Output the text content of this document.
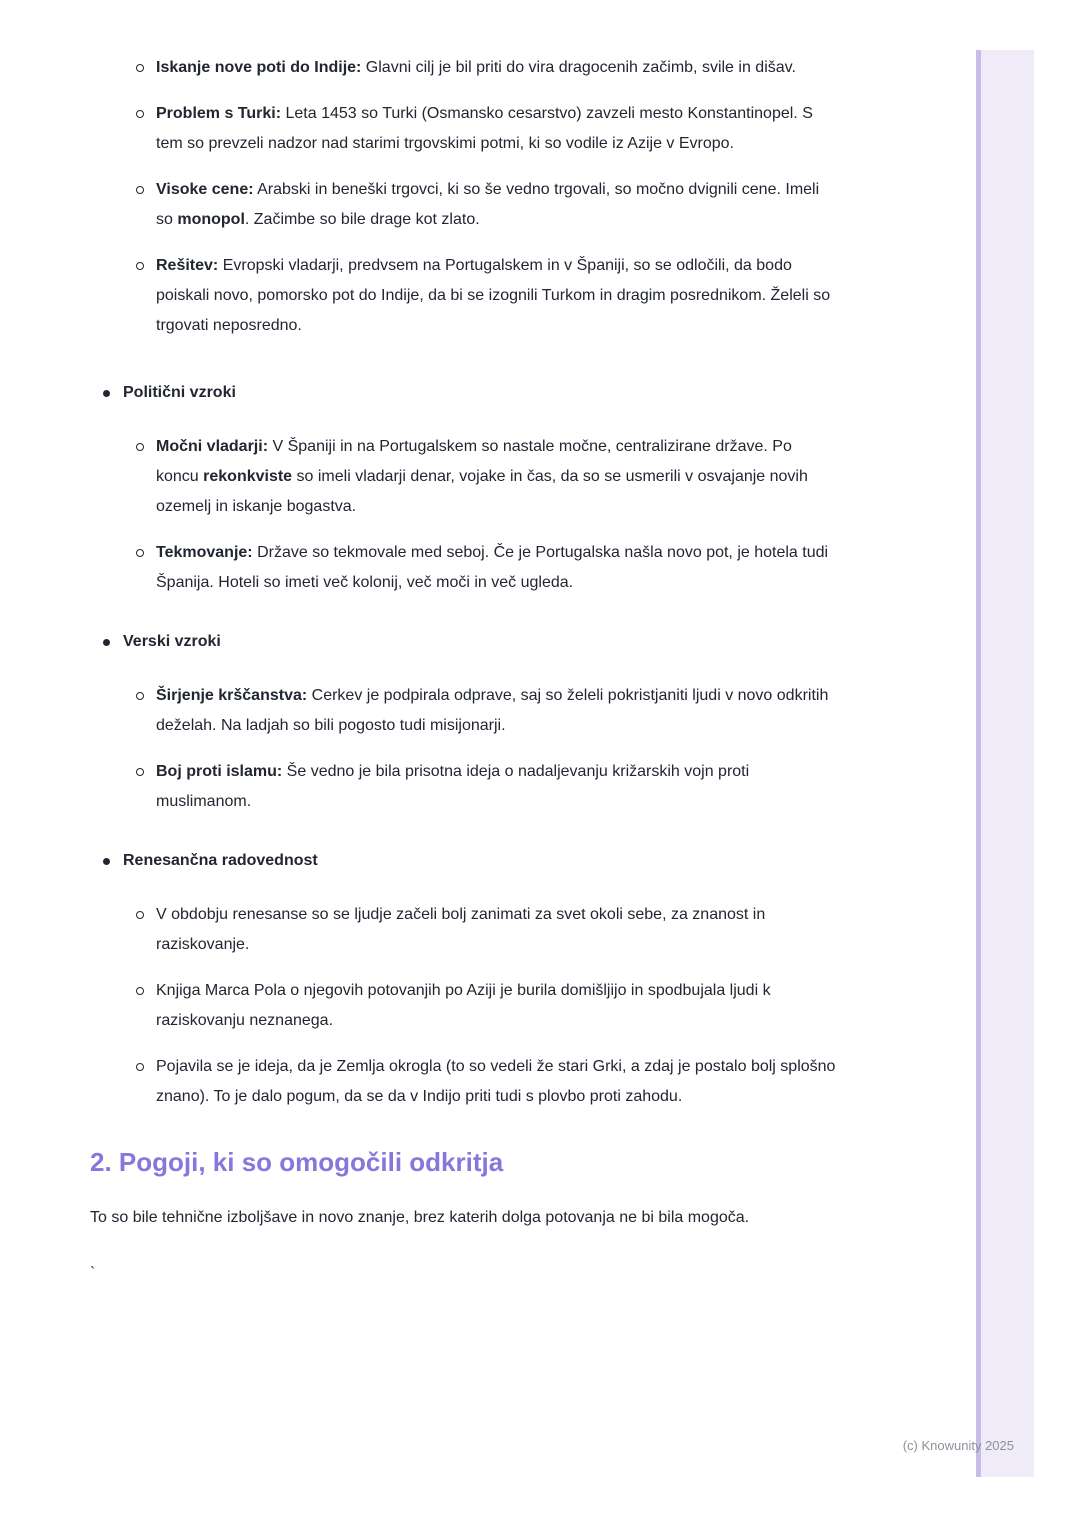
Iskanje nove poti do Indije: Glavni cilj je bil priti do vira dragocenih začimb, svile in dišav.
Problem s Turki: Leta 1453 so Turki (Osmansko cesarstvo) zavzeli mesto Konstantinopel. S tem so prevzeli nadzor nad starimi trgovskimi potmi, ki so vodile iz Azije v Evropo.
Visoke cene: Arabski in beneški trgovci, ki so še vedno trgovali, so močno dvignili cene. Imeli so monopol. Začimbe so bile drage kot zlato.
Rešitev: Evropski vladarji, predvsem na Portugalskem in v Španiji, so se odločili, da bodo poiskali novo, pomorsko pot do Indije, da bi se izognili Turkom in dragim posrednikom. Želeli so trgovati neposredno.
Politični vzroki
Močni vladarji: V Španiji in na Portugalskem so nastale močne, centralizirane države. Po koncu rekonkviste so imeli vladarji denar, vojake in čas, da so se usmerili v osvajanje novih ozemelj in iskanje bogastva.
Tekmovanje: Države so tekmovale med seboj. Če je Portugalska našla novo pot, je hotela tudi Španija. Hoteli so imeti več kolonij, več moči in več ugleda.
Verski vzroki
Širjenje krščanstva: Cerkev je podpirala odprave, saj so želeli pokristjaniti ljudi v novo odkritih deželah. Na ladjah so bili pogosto tudi misijonarji.
Boj proti islamu: Še vedno je bila prisotna ideja o nadaljevanju križarskih vojn proti muslimanom.
Renesančna radovednost
V obdobju renesanse so se ljudje začeli bolj zanimati za svet okoli sebe, za znanost in raziskovanje.
Knjiga Marca Pola o njegovih potovanjih po Aziji je burila domišljijo in spodbujala ljudi k raziskovanju neznanega.
Pojavila se je ideja, da je Zemlja okrogla (to so vedeli že stari Grki, a zdaj je postalo bolj splošno znano). To je dalo pogum, da se da v Indijo priti tudi s plovbo proti zahodu.
2. Pogoji, ki so omogočili odkritja

To so bile tehnične izboljšave in novo znanje, brez katerih dolga potovanja ne bi bila mogoča.

`

(c) Knowunity 2025
